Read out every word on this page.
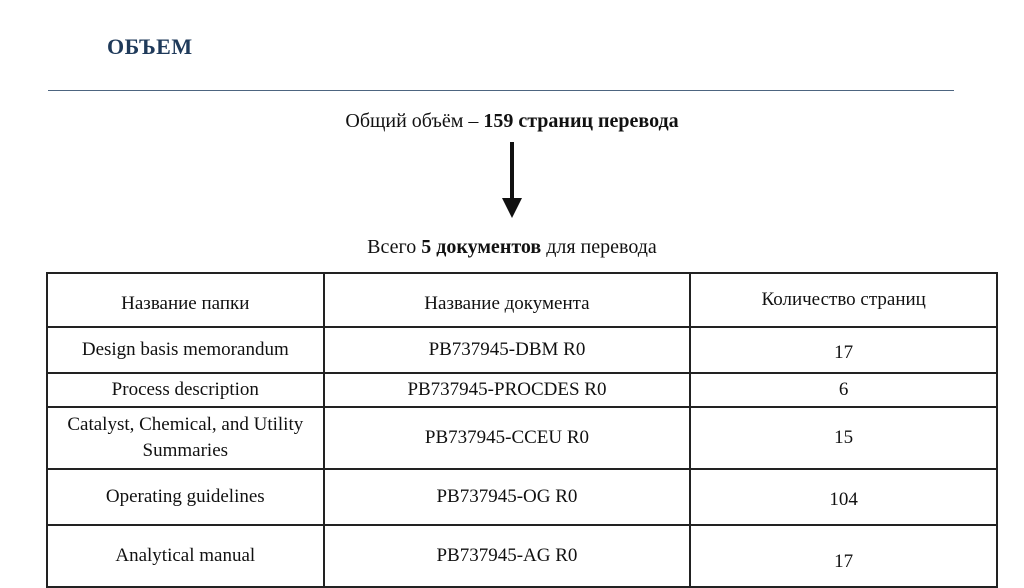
ОБЪЕМ
Общий объём – 159 страниц перевода
Всего 5 документов для перевода
Название папки	Название документа	Количество страниц
Design basis memorandum	PB737945-DBM R0	17
Process description	PB737945-PROCDES R0	6
Catalyst, Chemical, and Utility Summaries	PB737945-CCEU R0	15
Operating guidelines	PB737945-OG R0	104
Analytical manual	PB737945-AG R0	17
